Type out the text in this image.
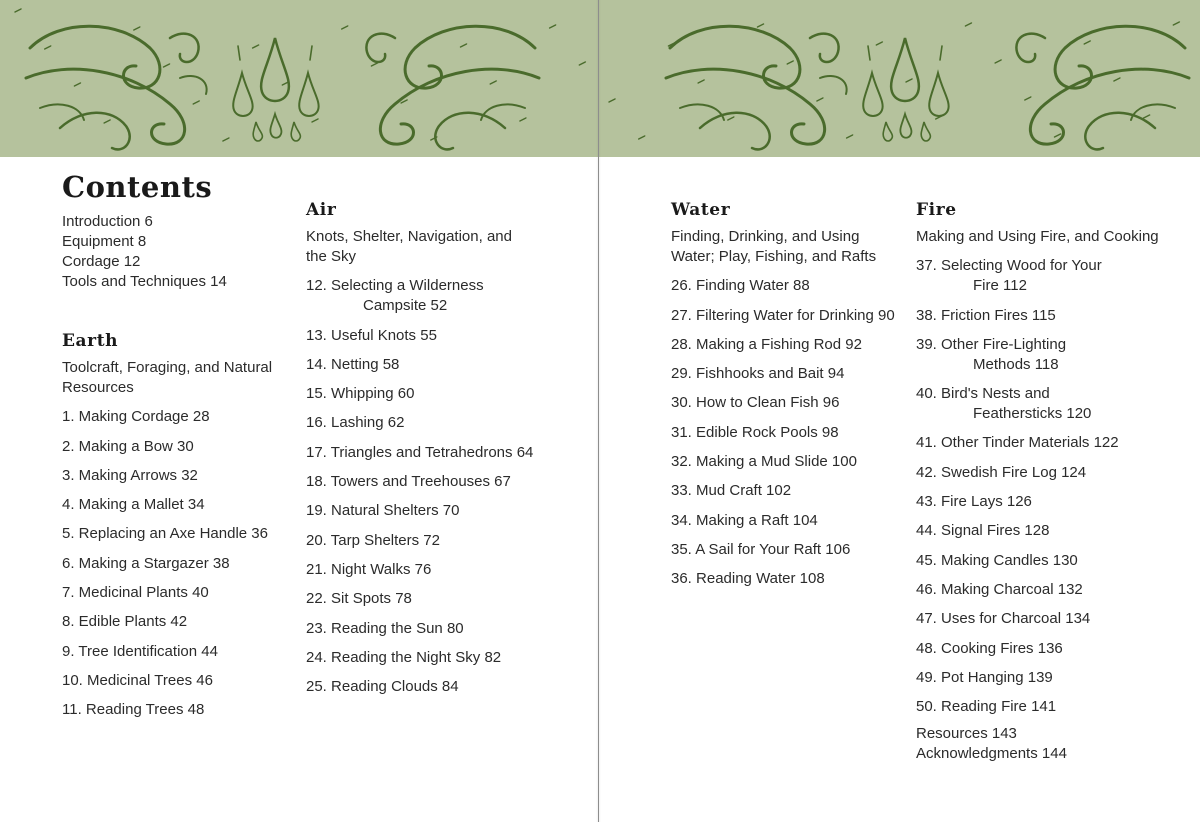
Contents
Introduction 6
Equipment 8
Cordage 12
Tools and Techniques 14
Earth
Toolcraft, Foraging, and Natural
Resources
1. Making Cordage 28
2. Making a Bow 30
3. Making Arrows 32
4. Making a Mallet 34
5. Replacing an Axe Handle 36
6. Making a Stargazer 38
7. Medicinal Plants 40
8. Edible Plants 42
9. Tree Identification 44
10. Medicinal Trees 46
11. Reading Trees 48
Air
Knots, Shelter, Navigation, and
the Sky
12. Selecting a Wilderness
Campsite 52
13. Useful Knots 55
14. Netting 58
15. Whipping 60
16. Lashing 62
17. Triangles and Tetrahedrons 64
18. Towers and Treehouses 67
19. Natural Shelters 70
20. Tarp Shelters 72
21. Night Walks 76
22. Sit Spots 78
23. Reading the Sun 80
24. Reading the Night Sky 82
25. Reading Clouds 84
Water
Finding, Drinking, and Using
Water; Play, Fishing, and Rafts
26. Finding Water 88
27. Filtering Water for Drinking 90
28. Making a Fishing Rod 92
29. Fishhooks and Bait 94
30. How to Clean Fish 96
31. Edible Rock Pools 98
32. Making a Mud Slide 100
33. Mud Craft 102
34. Making a Raft 104
35. A Sail for Your Raft 106
36. Reading Water 108
Fire
Making and Using Fire, and Cooking
37. Selecting Wood for Your
Fire 112
38. Friction Fires 115
39. Other Fire-Lighting
Methods 118
40. Bird's Nests and
Feathersticks 120
41. Other Tinder Materials 122
42. Swedish Fire Log 124
43. Fire Lays 126
44. Signal Fires 128
45. Making Candles 130
46. Making Charcoal 132
47. Uses for Charcoal 134
48. Cooking Fires 136
49. Pot Hanging 139
50. Reading Fire 141
Resources 143
Acknowledgments 144
